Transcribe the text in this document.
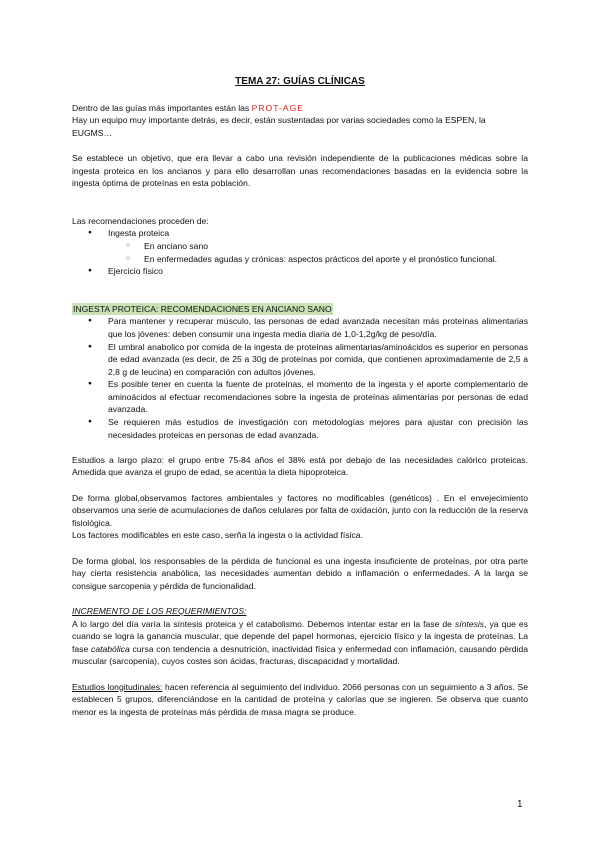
TEMA 27: GUÍAS CLÍNICAS

Dentro de las guías más importantes están las PROT-AGE

Hay un equipo muy importante detrás, es decir, están sustentadas por varias sociedades como la ESPEN, la EUGMS…

Se establece un objetivo, que era llevar a cabo una revisión independiente de la publicaciones médicas sobre la ingesta proteica en los ancianos y para ello desarrollan unas recomendaciones basadas en la evidencia sobre la ingesta óptima de proteínas en esta población.

Las recomendaciones proceden de:

● Ingesta proteica
○ En anciano sano
○ En enfermedades agudas y crónicas: aspectos prácticos del aporte y el pronóstico funcional.
● Ejercicio físico

INGESTA PROTEICA: RECOMENDACIONES EN ANCIANO SANO

● Para mantener y recuperar músculo, las personas de edad avanzada necesitan más proteínas alimentarias que los jóvenes: deben consumir una ingesta media diaria de 1,0-1,2g/kg de peso/día.
● El umbral anabolico por comida de la ingesta de proteínas alimentarias/aminoácidos es superior en personas de edad avanzada (es decir, de 25 a 30g de proteínas por comida, que contienen aproximadamente de 2,5 a 2,8 g de leucina) en comparación con adultos jóvenes.
● Es posible tener en cuenta la fuente de proteínas, el momento de la ingesta y el aporte complementario de aminoácidos al efectuar recomendaciones sobre la ingesta de proteínas alimentarias por personas de edad avanzada.
● Se requieren más estudios de investigación con metodologías mejores para ajustar con precisión las necesidades proteicas en personas de edad avanzada.

Estudios a largo plazo: el grupo entre 75-84 años el 38% está por debajo de las necesidades calórico proteicas. Amedida que avanza el grupo de edad, se acentúa la dieta hipoproteica.

De forma global,observamos factores ambientales y factores no modificables (genéticos) . En el envejecimiento observamos una serie de acumulaciones de daños celulares por falta de oxidación, junto con la reducción de la reserva fisiológica.

Los factores modificables en este caso, serña la ingesta o la actividad física.

De forma global, los responsables de la pérdida de funcional es una ingesta insuficiente de proteínas, por otra parte hay cierta resistencia anabólica, las necesidades aumentan debido a inflamación o enfermedades. A la larga se consigue sarcopenia y pérdida de funcionalidad.

INCREMENTO DE LOS REQUERIMIENTOS:

A lo largo del día varía la síntesis proteica y el catabolismo. Debemos intentar estar en la fase de síntesis, ya que es cuando se logra la ganancia muscular, que depende del papel hormonas, ejercicio físico y la ingesta de proteínas. La fase catabólica cursa con tendencia a desnutrición, inactividad física y enfermedad con inflamación, causando pérdida muscular (sarcopenia), cuyos costes son ácidas, fracturas, discapacidad y mortalidad.

Estudios longitudinales: hacen referencia al seguimiento del individuo. 2066 personas con un seguimiento a 3 años. Se establecen 5 grupos, diferenciándose en la cantidad de proteína y calorías que se ingieren. Se observa que cuanto menor es la ingesta de proteínas más pérdida de masa magra se produce.

1
